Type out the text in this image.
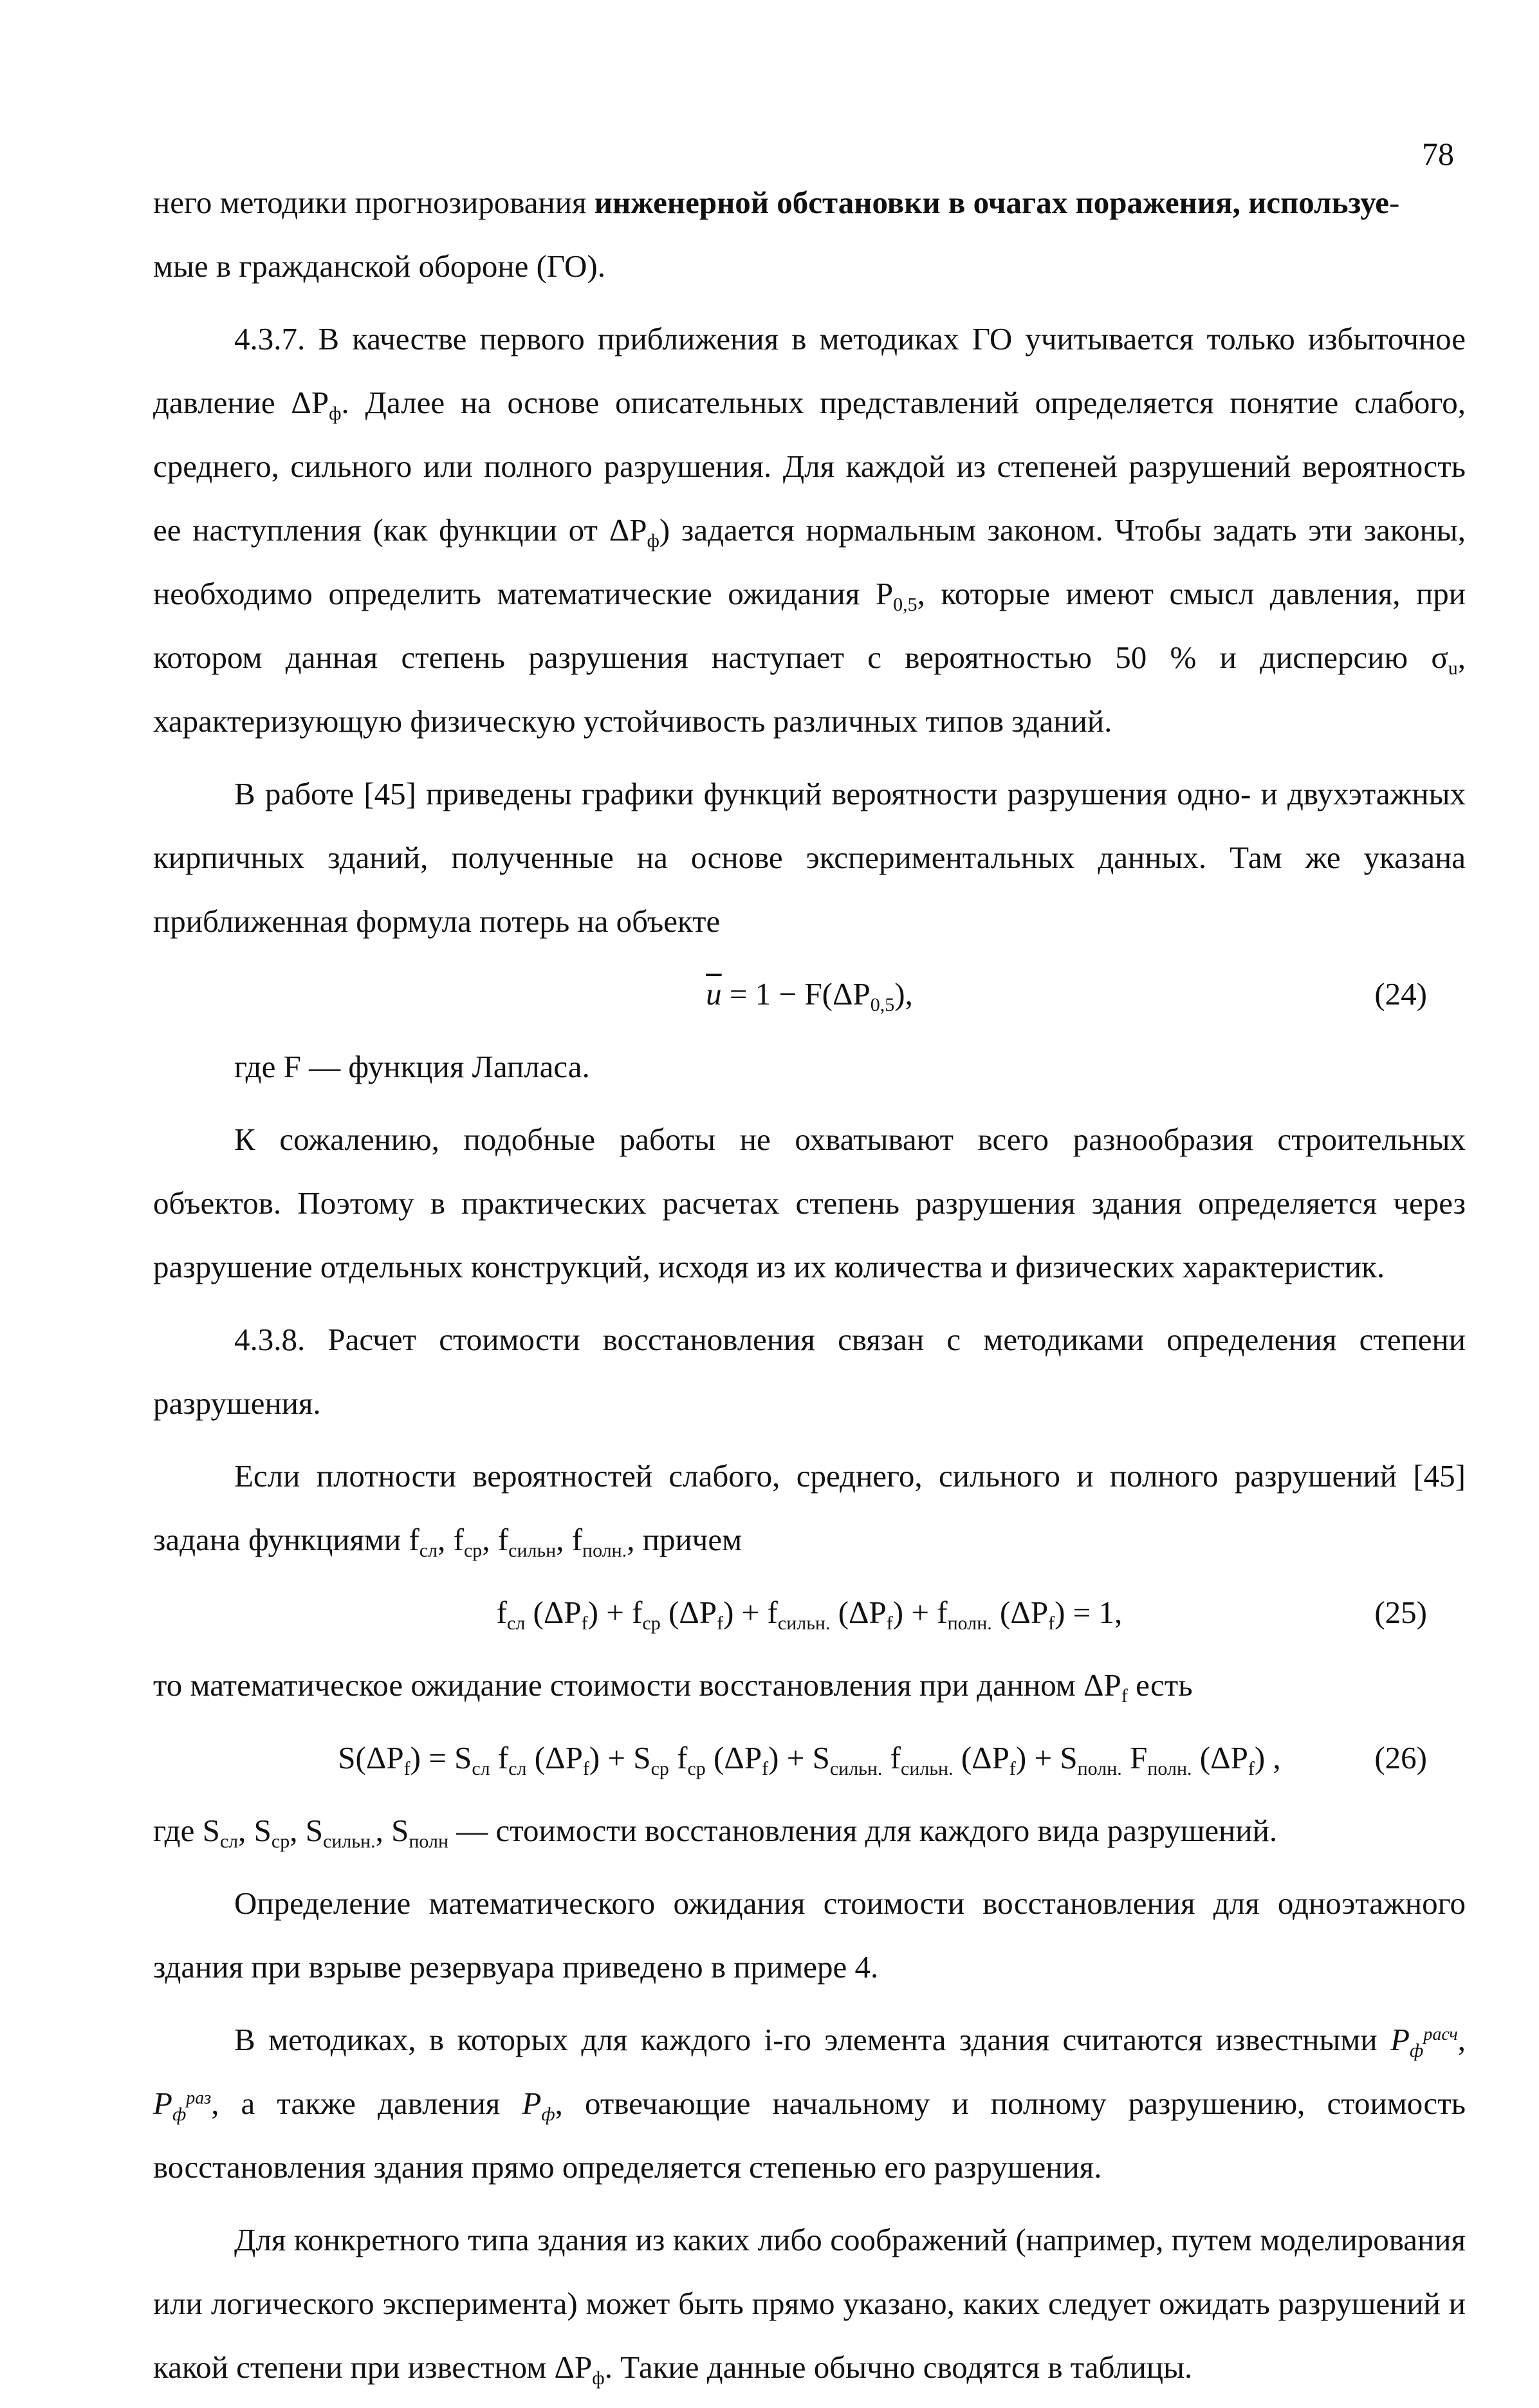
78

него методики прогнозирования инженерной обстановки в очагах поражения, используе-
мые в гражданской обороне (ГО).

4.3.7. В качестве первого приближения в методиках ГО учитывается только избыточное давление $\Delta P_ф$. Далее на основе описательных представлений определяется понятие слабого, среднего, сильного или полного разрушения. Для каждой из степеней разрушений вероятность ее наступления (как функции от $\Delta P_ф$) задается нормальным законом. Чтобы задать эти законы, необходимо определить математические ожидания $P_{0,5}$, которые имеют смысл давления, при котором данная степень разрушения наступает с вероятностью 50 % и дисперсию $\sigma_u$, характеризующую физическую устойчивость различных типов зданий.

В работе [45] приведены графики функций вероятности разрушения одно- и двухэтажных кирпичных зданий, полученные на основе экспериментальных данных. Там же указана приближенная формула потерь на объекте

$\overline{u} = 1 - F(\Delta P_{0,5})$,	(24)

где F — функция Лапласа.

К сожалению, подобные работы не охватывают всего разнообразия строительных объектов. Поэтому в практических расчетах степень разрушения здания определяется через разрушение отдельных конструкций, исходя из их количества и физических характеристик.

4.3.8. Расчет стоимости восстановления связан с методиками определения степени разрушения.

Если плотности вероятностей слабого, среднего, сильного и полного разрушений [45] задана функциями $f_{сл}$, $f_{ср}$, $f_{сильн}$, $f_{полн.}$, причем

$f_{сл}$ $(\Delta P_f) + f_{ср}$ $(\Delta P_f) + f_{сильн.}$ $(\Delta P_f) + f_{полн.}$ $(\Delta P_f) = 1$,	(25)

то математическое ожидание стоимости восстановления при данном $\Delta P_f$ есть

$S(\Delta P_f) = S_{сл}$ $f_{сл}$ $(\Delta P_f) + S_{ср}$ $f_{ср}$ $(\Delta P_f) + S_{сильн.}$ $f_{сильн.}$ $(\Delta P_f) + S_{полн.}$ $F_{полн.}$ $(\Delta P_f)$ ,	(26)

где $S_{сл}$, $S_{ср}$, $S_{сильн.}$, $S_{полн}$ — стоимости восстановления для каждого вида разрушений.

Определение математического ожидания стоимости восстановления для одноэтажного здания при взрыве резервуара приведено в примере 4.

В методиках, в которых для каждого i-го элемента здания считаются известными $P_ф^{расч}$, $P_ф^{раз}$, а также давления $P_ф$, отвечающие начальному и полному разрушению, стоимость восстановления здания прямо определяется степенью его разрушения.

Для конкретного типа здания из каких либо соображений (например, путем моделирования или логического эксперимента) может быть прямо указано, каких следует ожидать разрушений и какой степени при известном $\Delta P_ф$. Такие данные обычно сводятся в таблицы.
